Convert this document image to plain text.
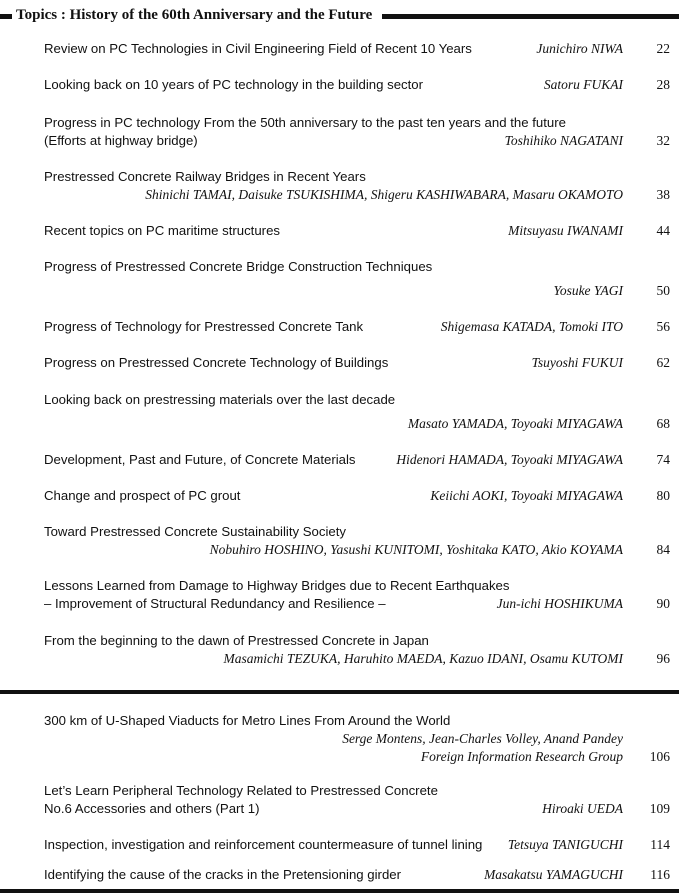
Topics : History of the 60th Anniversary and the Future
Review on PC Technologies in Civil Engineering Field of Recent 10 Years	Junichiro NIWA	22
Looking back on 10 years of PC technology in the building sector	Satoru FUKAI	28
Progress in PC technology From the 50th anniversary to the past ten years and the future
(Efforts at highway bridge)	Toshihiko NAGATANI	32
Prestressed Concrete Railway Bridges in Recent Years
Shinichi TAMAI, Daisuke TSUKISHIMA, Shigeru KASHIWABARA, Masaru OKAMOTO	38
Recent topics on PC maritime structures	Mitsuyasu IWANAMI	44
Progress of Prestressed Concrete Bridge Construction Techniques
Yosuke YAGI	50
Progress of Technology for Prestressed Concrete Tank	Shigemasa KATADA, Tomoki ITO	56
Progress on Prestressed Concrete Technology of Buildings	Tsuyoshi FUKUI	62
Looking back on prestressing materials over the last decade
Masato YAMADA, Toyoaki MIYAGAWA	68
Development, Past and Future, of Concrete Materials	Hidenori HAMADA, Toyoaki MIYAGAWA	74
Change and prospect of PC grout	Keiichi AOKI, Toyoaki MIYAGAWA	80
Toward Prestressed Concrete Sustainability Society
Nobuhiro HOSHINO, Yasushi KUNITOMI, Yoshitaka KATO, Akio KOYAMA	84
Lessons Learned from Damage to Highway Bridges due to Recent Earthquakes
– Improvement of Structural Redundancy and Resilience –	Jun-ichi HOSHIKUMA	90
From the beginning to the dawn of Prestressed Concrete in Japan
Masamichi TEZUKA, Haruhito MAEDA, Kazuo IDANI, Osamu KUTOMI	96
300 km of U-Shaped Viaducts for Metro Lines From Around the World
Serge Montens, Jean-Charles Volley, Anand Pandey
Foreign Information Research Group	106
Let’s Learn Peripheral Technology Related to Prestressed Concrete
No.6 Accessories and others (Part 1)	Hiroaki UEDA	109
Inspection, investigation and reinforcement countermeasure of tunnel lining Tetsuya TANIGUCHI	114
Identifying the cause of the cracks in the Pretensioning girder	Masakatsu YAMAGUCHI	116
